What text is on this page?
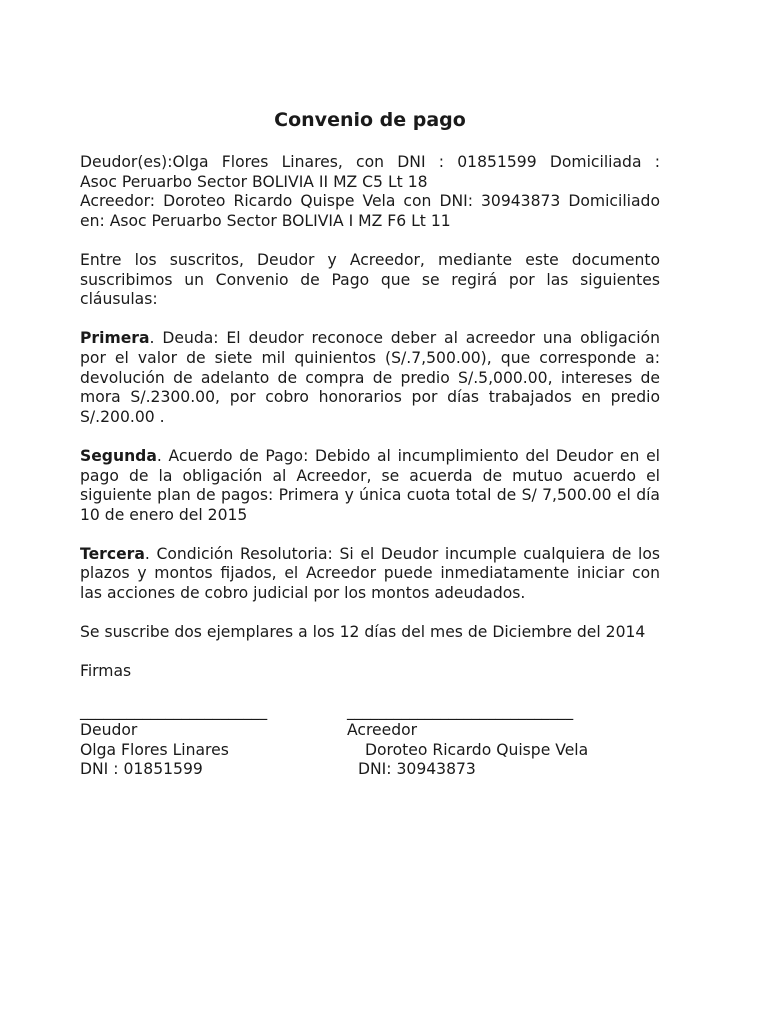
Convenio de pago
Deudor(es):Olga Flores Linares, con DNI : 01851599 Domiciliada :
Asoc Peruarbo Sector BOLIVIA II MZ C5 Lt 18
Acreedor: Doroteo Ricardo Quispe Vela con DNI: 30943873 Domiciliado
en: Asoc Peruarbo Sector BOLIVIA I MZ F6 Lt 11

Entre los suscritos, Deudor y Acreedor, mediante este documento suscribimos un Convenio de Pago que se regirá por las siguientes cláusulas:

Primera. Deuda: El deudor reconoce deber al acreedor una obligación por el valor de siete mil quinientos (S/.7,500.00), que corresponde a: devolución de adelanto de compra de predio S/.5,000.00, intereses de mora S/.2300.00, por cobro honorarios por días trabajados en predio S/.200.00 .

Segunda. Acuerdo de Pago: Debido al incumplimiento del Deudor en el pago de la obligación al Acreedor, se acuerda de mutuo acuerdo el siguiente plan de pagos: Primera y única cuota total de S/ 7,500.00 el día 10 de enero del 2015

Tercera. Condición Resolutoria: Si el Deudor incumple cualquiera de los plazos y montos fijados, el Acreedor puede inmediatamente iniciar con las acciones de cobro judicial por los montos adeudados.

Se suscribe dos ejemplares a los 12 días del mes de Diciembre del 2014

Firmas

________________________
Deudor
Olga Flores Linares
DNI : 01851599
_____________________________
Acreedor
Doroteo Ricardo Quispe Vela
DNI: 30943873
